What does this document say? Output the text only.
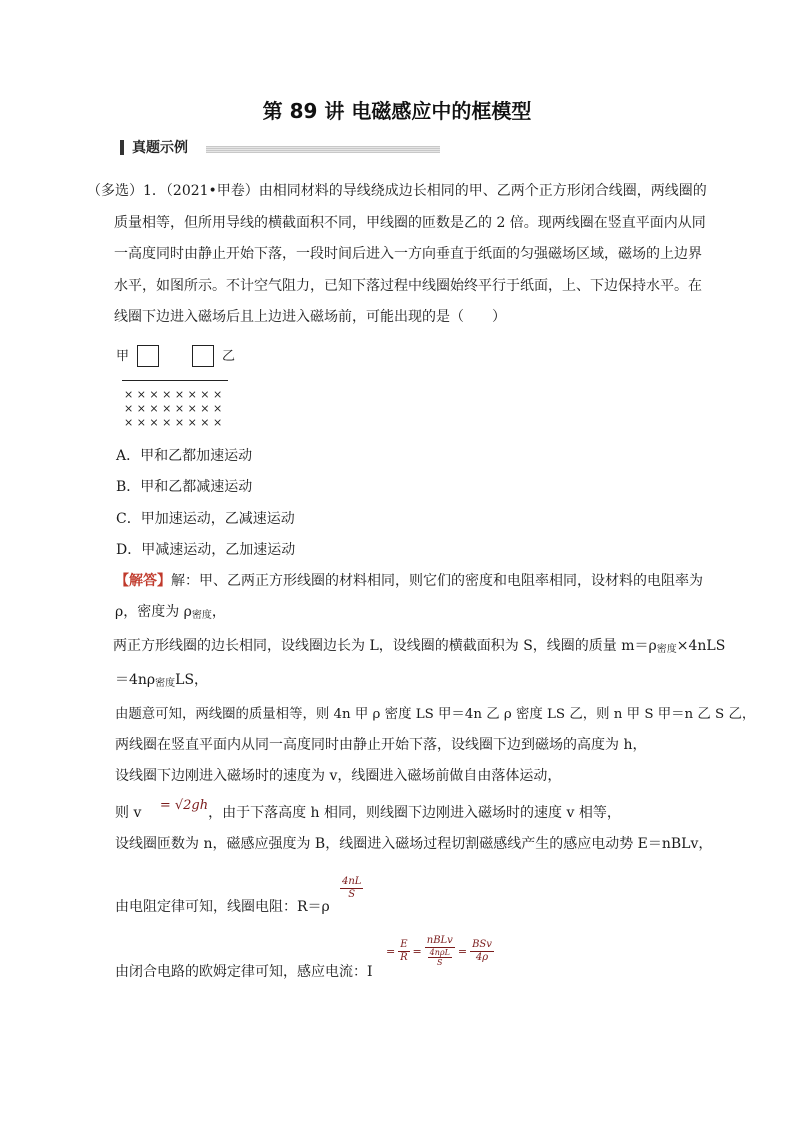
第 89 讲 电磁感应中的框模型
真题示例

（多选）1．（2021•甲卷）由相同材料的导线绕成边长相同的甲、乙两个正方形闭合线圈，两线圈的

质量相等，但所用导线的横截面积不同，甲线圈的匝数是乙的 2 倍。现两线圈在竖直平面内从同

一高度同时由静止开始下落，一段时间后进入一方向垂直于纸面的匀强磁场区域，磁场的上边界

水平，如图所示。不计空气阻力，已知下落过程中线圈始终平行于纸面，上、下边保持水平。在

线圈下边进入磁场后且上边进入磁场前，可能出现的是（　　）

甲	乙
× × × × × × × ×
× × × × × × × ×
× × × × × × × ×
A．甲和乙都加速运动
B．甲和乙都减速运动
C．甲加速运动，乙减速运动
D．甲减速运动，乙加速运动

【解答】解：甲、乙两正方形线圈的材料相同，则它们的密度和电阻率相同，设材料的电阻率为

ρ，密度为 $\rho_{密度}$，

两正方形线圈的边长相同，设线圈边长为 L，设线圈的横截面积为 S，线圈的质量 $m=\rho_{密度}\times 4nLS$

$=4n\rho_{密度}LS$，

由题意可知，两线圈的质量相等，则 4n 甲 ρ 密度 LS 甲＝4n 乙 ρ 密度 LS 乙，则 n 甲 S 甲＝n 乙 S 乙，

两线圈在竖直平面内从同一高度同时由静止开始下落，设线圈下边到磁场的高度为 h，

设线圈下边刚进入磁场时的速度为 v，线圈进入磁场前做自由落体运动，

则 v = √2gh，由于下落高度 h 相同，则线圈下边刚进入磁场时的速度 v 相等，

设线圈匝数为 n，磁感应强度为 B，线圈进入磁场过程切割磁感线产生的感应电动势 E＝nBLv，

由电阻定律可知，线圈电阻：R＝ρ
$\frac{4nL}{S}$
由闭合电路的欧姆定律可知，感应电流：I
= $\frac{E}{R} = \frac{\text{nBLv}}{\frac{\text{4nρL}}{S}} = \frac{\text{BSv}}{4\rho}$
